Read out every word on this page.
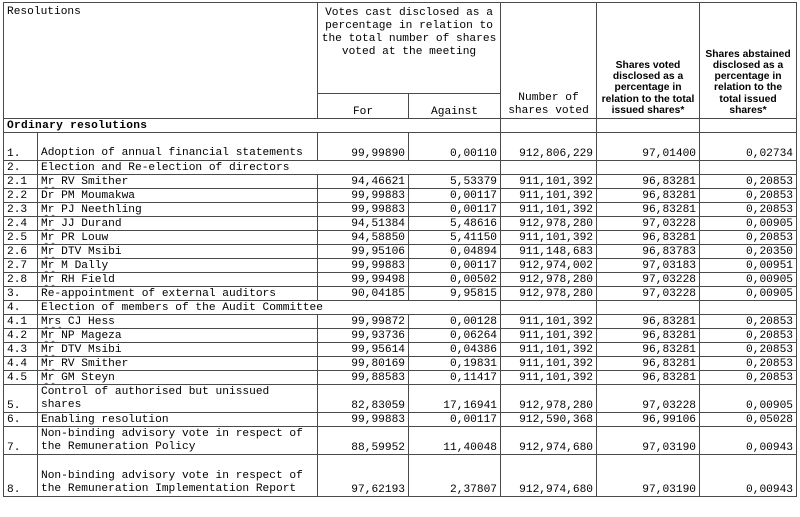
Resolutions		Votes cast disclosed as a percentage in relation to the total number of shares voted at the meeting		Number of shares voted	Shares voted disclosed as a percentage in relation to the total issued shares*	Shares abstained disclosed as a percentage in relation to the total issued shares*
		For	Against			
Ordinary resolutions						
1.	Adoption of annual financial statements	99,99890	0,00110	912,806,229	97,01400	0,02734
2.	Election and Re-election of directors					
2.1	Mr RV Smither	94,46621	5,53379	911,101,392	96,83281	0,20853
2.2	Dr PM Moumakwa	99,99883	0,00117	911,101,392	96,83281	0,20853
2.3	Mr PJ Neethling	99,99883	0,00117	911,101,392	96,83281	0,20853
2.4	Mr JJ Durand	94,51384	5,48616	912,978,280	97,03228	0,00905
2.5	Mr PR Louw	94,58850	5,41150	911,101,392	96,83281	0,20853
2.6	Mr DTV Msibi	99,95106	0,04894	911,148,683	96,83783	0,20350
2.7	Mr M Dally	99,99883	0,00117	912,974,002	97,03183	0,00951
2.8	Mr RH Field	99,99498	0,00502	912,978,280	97,03228	0,00905
3.	Re-appointment of external auditors	90,04185	9,95815	912,978,280	97,03228	0,00905
4.	Election of members of the Audit Committee					
4.1	Mrs CJ Hess	99,99872	0,00128	911,101,392	96,83281	0,20853
4.2	Mr NP Mageza	99,93736	0,06264	911,101,392	96,83281	0,20853
4.3	Mr DTV Msibi	99,95614	0,04386	911,101,392	96,83281	0,20853
4.4	Mr RV Smither	99,80169	0,19831	911,101,392	96,83281	0,20853
4.5	Mr GM Steyn	99,88583	0,11417	911,101,392	96,83281	0,20853
5.	Control of authorised but unissued shares	82,83059	17,16941	912,978,280	97,03228	0,00905
6.	Enabling resolution	99,99883	0,00117	912,590,368	96,99106	0,05028
7.	Non-binding advisory vote in respect of the Remuneration Policy	88,59952	11,40048	912,974,680	97,03190	0,00943
8.	Non-binding advisory vote in respect of the Remuneration Implementation Report	97,62193	2,37807	912,974,680	97,03190	0,00943
